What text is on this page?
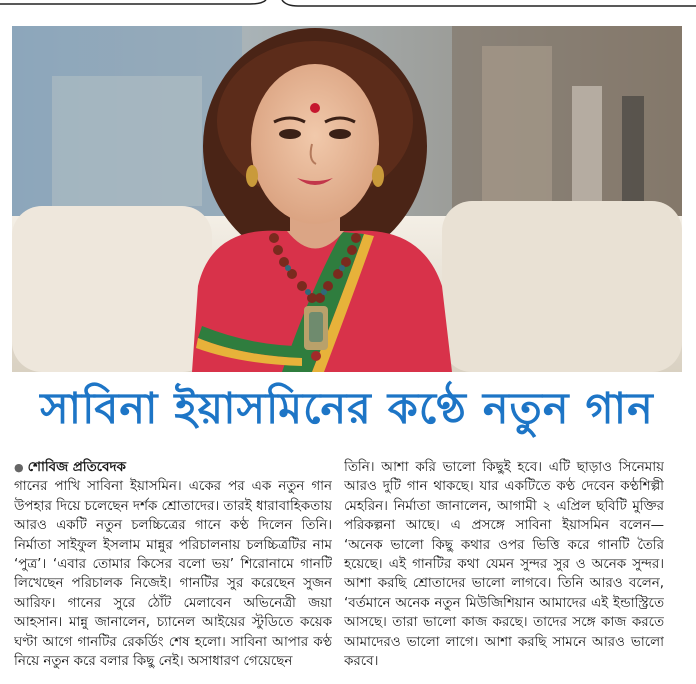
সাবিনা ইয়াসমিনের কণ্ঠে নতুন গান
● শোবিজ প্রতিবেদক

গানের পাখি সাবিনা ইয়াসমিন। একের পর এক নতুন গান উপহার দিয়ে চলেছেন দর্শক শ্রোতাদের। তারই ধারাবাহিকতায় আরও একটি নতুন চলচ্চিত্রের গানে কণ্ঠ দিলেন তিনি। নির্মাতা সাইফুল ইসলাম মান্নুর পরিচালনায় চলচ্চিত্রটির নাম ‘পুত্র’। ‘এবার তোমার কিসের বলো ভয়’ শিরোনামে গানটি লিখেছেন পরিচালক নিজেই। গানটির সুর করেছেন সুজন আরিফ। গানের সুরে ঠোঁট মেলাবেন অভিনেত্রী জয়া আহসান। মান্নু জানালেন, চ্যানেল আইয়ের স্টুডিতে কয়েক ঘণ্টা আগে গানটির রেকর্ডিং শেষ হলো। সাবিনা আপার কণ্ঠ নিয়ে নতুন করে বলার কিছু নেই। অসাধারণ গেয়েছেন

তিনি। আশা করি ভালো কিছুই হবে। এটি ছাড়াও সিনেমায় আরও দুটি গান থাকছে। যার একটিতে কণ্ঠ দেবেন কণ্ঠশিল্পী মেহরিন। নির্মাতা জানালেন, আগামী ২ এপ্রিল ছবিটি মুক্তির পরিকল্পনা আছে। এ প্রসঙ্গে সাবিনা ইয়াসমিন বলেন— ‘অনেক ভালো কিছু কথার ওপর ভিত্তি করে গানটি তৈরি হয়েছে। এই গানটির কথা যেমন সুন্দর সুর ও অনেক সুন্দর। আশা করছি শ্রোতাদের ভালো লাগবে। তিনি আরও বলেন, ‘বর্তমানে অনেক নতুন মিউজিশিয়ান আমাদের এই ইন্ডাস্ট্রিতে আসছে। তারা ভালো কাজ করছে। তাদের সঙ্গে কাজ করতে আমাদেরও ভালো লাগে। আশা করছি সামনে আরও ভালো করবে।
